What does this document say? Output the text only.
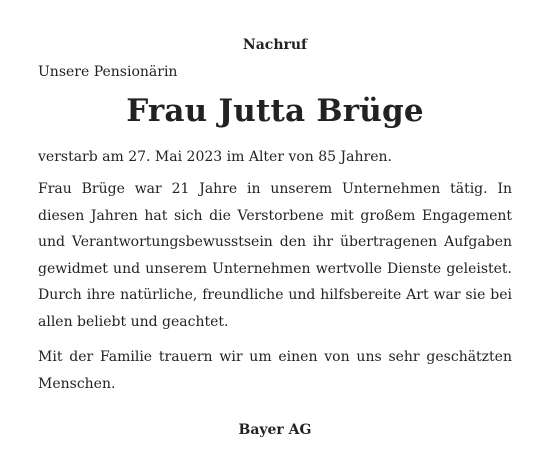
Nachruf
Unsere Pensionärin
Frau Jutta Brüge
verstarb am 27. Mai 2023 im Alter von 85 Jahren.

Frau Brüge war 21 Jahre in unserem Unternehmen tätig. In diesen Jahren hat sich die Verstorbene mit großem Engagement und Verantwortungsbewusstsein den ihr übertragenen Aufgaben gewidmet und unserem Unternehmen wertvolle Dienste geleistet. Durch ihre natürliche, freundliche und hilfsbereite Art war sie bei allen beliebt und geachtet.

Mit der Familie trauern wir um einen von uns sehr geschätzten Menschen.

Bayer AG
